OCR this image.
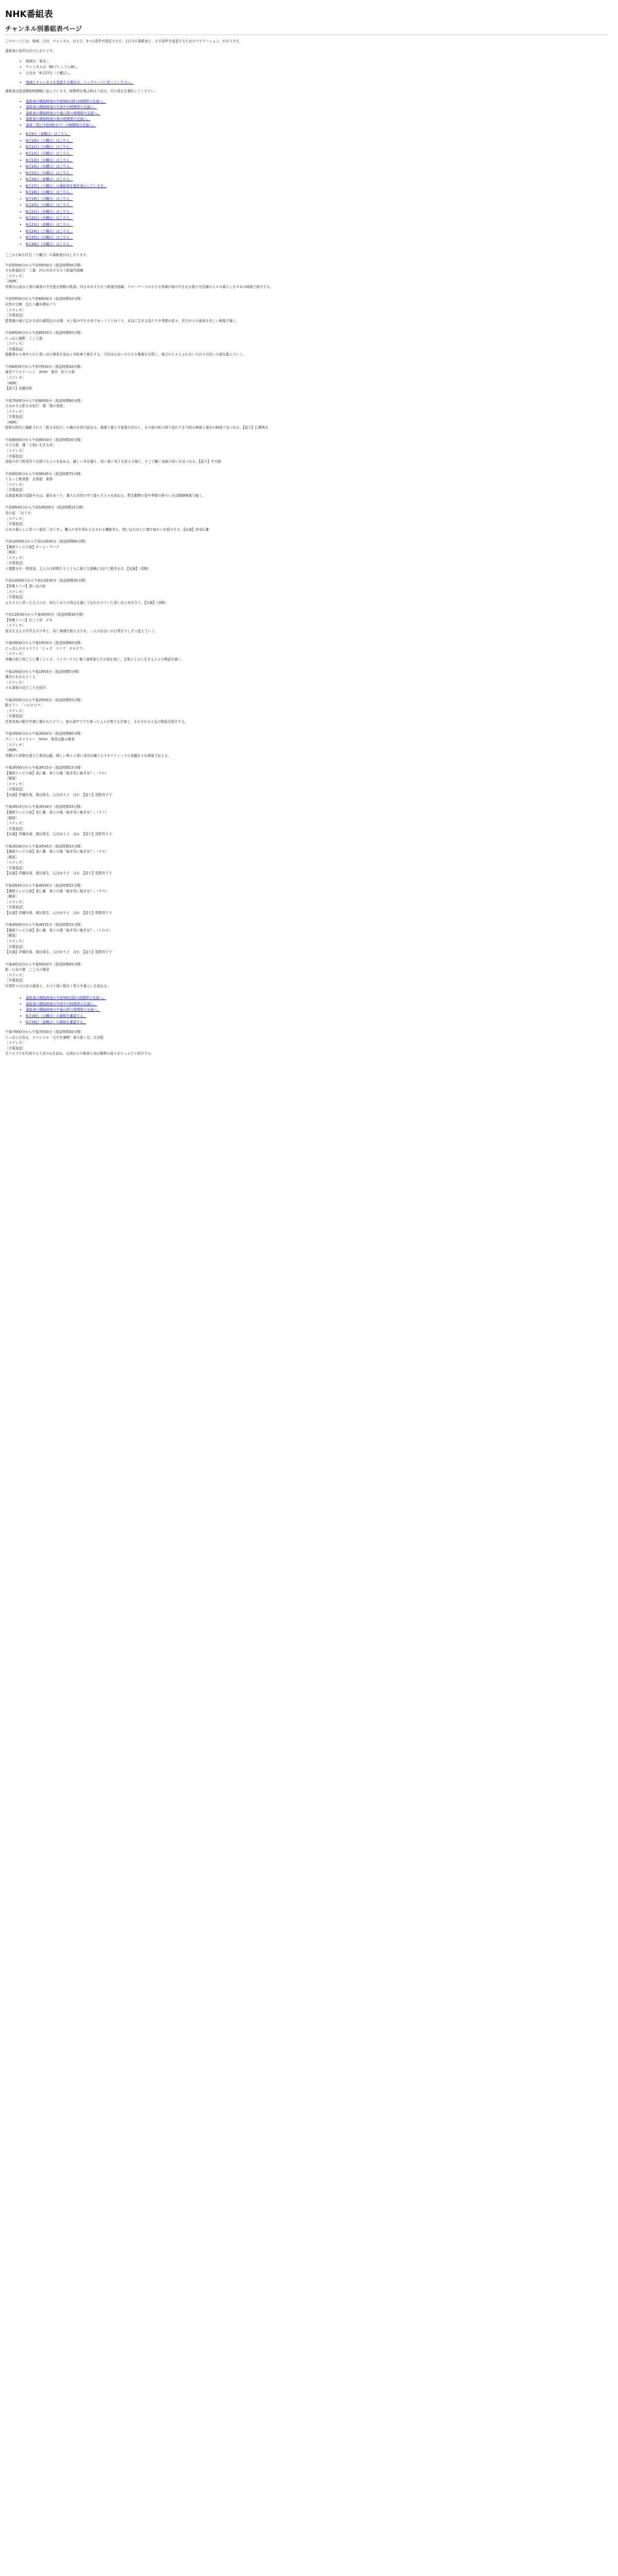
NHK番組表
チャンネル別番組表ページ

このページには、地域、日付、チャンネル、および、3つの条件が指定された、1日分の番組表と、その条件を変更するためのナビゲーション、があります。

番組表の条件は次のとおりです。

• 地域は「東京」。
• チャンネルは「BSプレミアム4K」。
• 日付は「6月27日（土曜日）」。
• 地域とチャンネルを変更する場合は、トップページに戻ってください。

番組表は放送開始時間順に並んでいます。時間帯を選ぶ時は下記は、次の項目を選択してください。

• 番組表の開始時刻の午前5時以降の時間帯の先頭へ。
• 番組表の開始時刻の午前中の時間帯の先頭へ。
• 番組表の開始時刻の午後以降の時間帯の先頭へ。
• 番組表の開始時刻の夜の時間帯の先頭へ。
• 深夜（翌日午前5時まで）の時間帯の先頭へ。
• 6月9日（金曜日）はこちら。
• 6月10日（土曜日）はこちら。
• 6月11日（日曜日）はこちら。
• 6月12日（月曜日）はこちら。
• 6月13日（火曜日）はこちら。
• 6月14日（水曜日）はこちら。
• 6月15日（木曜日）はこちら。
• 6月16日（金曜日）はこちら。
• 6月17日（土曜日）の番組表を現在表示しています。
• 6月18日（日曜日）はこちら。
• 6月19日（月曜日）はこちら。
• 6月20日（火曜日）はこちら。
• 6月21日（水曜日）はこちら。
• 6月22日（木曜日）はこちら。
• 6月23日（金曜日）はこちら。
• 6月24日（土曜日）はこちら。
• 6月25日（日曜日）はこちら。
• 6月26日（月曜日）はこちら。

ここから6月17日（土曜日）の番組表がはじまります。

午前5時00分から午前5時50分（放送時間50分間）
８Ｋ鉄道紀行　三重　四日市あすなろう鉄道内部線
［ステレオ］
［HDR］
長閑な山並みと街の風景の中を進む狭軌の鉄道、四日市あすなろう鉄道内部線。ナローゲージの小さな列車が街の中を走る様子や沿線の人々の暮らしを８Ｋの映像で紹介する。
午前5時50分から午前6時00分（放送時間10分間）
自然の宝庫　近江八幡水郷めぐり
［ステレオ］
［字幕放送］
琵琶湖の東に広がる西の湖周辺の水郷。ヨシ原の中を小舟でゆっくりとめぐり、水辺に生きる鳥たちや季節の花々、昔ながらの風景を美しい映像で描く。
午前6時00分から午前6時50分（放送時間50分間）
にっぽん縦断　こころ旅
［ステレオ］
［字幕放送］
視聴者から寄せられた思い出の風景を訪ねて自転車で旅をする。今回は山あいの小さな集落を目指し、地元の人々とふれあいながら川沿いの道を進んでいく。
午前6時50分から午前7時00分（放送時間10分間）
奄美ワイルドハント　2min　奄美　彩りの森
［ステレオ］
［HDR］
【語り】高橋美鈴
午前7時00分から午前8時00分（放送時間60分間）
よみがえる新日本紀行　選「港の家族」
［ステレオ］
［字幕放送］
［HDR］
昭和の時代に撮影された「新日本紀行」の舞台を再び訪ねる。漁港で暮らす家族の営みと、その後の町の移り変わりを当時の映像と現在の映像で見つめる。【語り】石澤典夫
午前8時00分から午前8時30分（放送時間30分間）
小さな旅　選「大地に生きる村」
［ステレオ］
［字幕放送］
高原の村で野菜作りを続ける人々を訪ねる。厳しい冬を越え、短い夏に実りを迎える畑と、そこで働く家族の思いを見つめる。【語り】中川緑
午前8時30分から午前9時45分（放送時間75分間）
ぐるっと絶景旅　北海道　東部
［ステレオ］
［字幕放送］
北海道東部の湿原や火山、湖をめぐり、雄大な自然の中で暮らす人々を訪ねる。野生動物の姿や季節の移ろいを高精細映像で描く。
午前9時45分から午前10時00分（放送時間15分間）
美の壺　「ほうき」
［ステレオ］
［字幕放送］
日本の暮らしに息づく道具「ほうき」。職人の手仕事から生まれる機能美と、使い込むほどに増す味わいを紹介する。【出演】草刈正雄
午前10時00分から午前11時00分（放送時間60分間）
【連続テレビ小説】チーム・ワーク
［解説］
［ステレオ］
［字幕放送］
１週間分を一挙放送。主人公は仲間たちとともに新たな挑戦に向けて動き出す。【出演】（省略）
午前11時00分から午前11時30分（放送時間30分間）
【特集ドラマ】思い出の町
［ステレオ］
［字幕放送］
ふるさとに戻った主人公が、幼なじみとの再会を通して忘れかけていた思い出と向き合う。【出演】（省略）
午前11時30分から午後0時00分（放送時間30分間）
【特集ドラマ】むこう岸　ＰＲ
［ステレオ］
家計を支える中学生の少年と、同じ境遇を抱える少女。二人の出会いが日常を少しずつ変えていく。
午後0時00分から午後1時00分（放送時間60分間）
にっぽんのカメラアイ「ジャズ　ライブ　オキナワ」
［ステレオ］
沖縄の街で夜ごとに響くジャズ。ライブハウスに集う演奏家たちの姿を追い、音楽とともに生きる人々の物語を描く。
午後1時00分から午後1時05分（放送時間5分間）
週刊４Ｋみるさくら
［ステレオ］
４Ｋ番組の見どころを紹介。
午後1時05分から午後2時00分（放送時間55分間）
駅ピアノ　「バルセロナ」
［ステレオ］
［字幕放送］
世界各地の駅や空港に置かれたピアノ。旅の途中で立ち寄った人々が奏でる音楽と、それぞれの人生の物語を紹介する。
午後2時00分から午後3時00分（放送時間60分間）
グレートネイチャー　5min　奥羽山脈の絶景
［ステレオ］
［HDR］
雪解けの季節を迎えた奥羽山脈。険しい峰々と深い渓谷が織りなすダイナミックな景観を４Ｋ映像で伝える。
午後3時00分から午後3時15分（放送時間15分間）
【連続テレビ小説】虎に翼　第２０週「稼ぎ男に稼ぎ女？」（９６）
［解説］
［ステレオ］
［字幕放送］
【出演】伊藤沙莉、岡田将生、石田ゆり子　ほか　【語り】尾野真千子
午後3時15分から午後3時30分（放送時間15分間）
【連続テレビ小説】虎に翼　第２０週「稼ぎ男に稼ぎ女？」（９７）
［解説］
［ステレオ］
［字幕放送］
【出演】伊藤沙莉、岡田将生、石田ゆり子　ほか　【語り】尾野真千子
午後3時30分から午後3時45分（放送時間15分間）
【連続テレビ小説】虎に翼　第２０週「稼ぎ男に稼ぎ女？」（９８）
［解説］
［ステレオ］
［字幕放送］
【出演】伊藤沙莉、岡田将生、石田ゆり子　ほか　【語り】尾野真千子
午後3時45分から午後4時00分（放送時間15分間）
【連続テレビ小説】虎に翼　第２０週「稼ぎ男に稼ぎ女？」（９９）
［解説］
［ステレオ］
［字幕放送］
【出演】伊藤沙莉、岡田将生、石田ゆり子　ほか　【語り】尾野真千子
午後4時00分から午後4時15分（放送時間15分間）
【連続テレビ小説】虎に翼　第２０週「稼ぎ男に稼ぎ女？」（１００）
［解説］
［ステレオ］
［字幕放送］
【出演】伊藤沙莉、岡田将生、石田ゆり子　ほか　【語り】尾野真千子
午後4時15分から午後5時00分（放送時間45分間）
新・日本の旅　こころの風景
［ステレオ］
［字幕放送］
四季折々の日本の風景と、その土地に根付く祭りや暮らしを訪ねる。
• 番組表の開始時刻の午前5時以降の時間帯の先頭へ。
• 番組表の開始時刻の午前中の時間帯の先頭へ。
• 番組表の開始時刻の午後以降の時間帯の先頭へ。
• 6月18日（日曜日）の番組を確認する。
• 6月16日（金曜日）の番組を確認する。
午後7時00分から午後7時30分（放送時間30分間）
にっぽん百名山　スペシャル「天空を満喫！夏の燕ヶ岳」完全版
［ステレオ］
［字幕放送］
北アルプスを代表する人気の山を訪ね、山頂からの絶景と高山植物の花々をたっぷりと紹介する。
